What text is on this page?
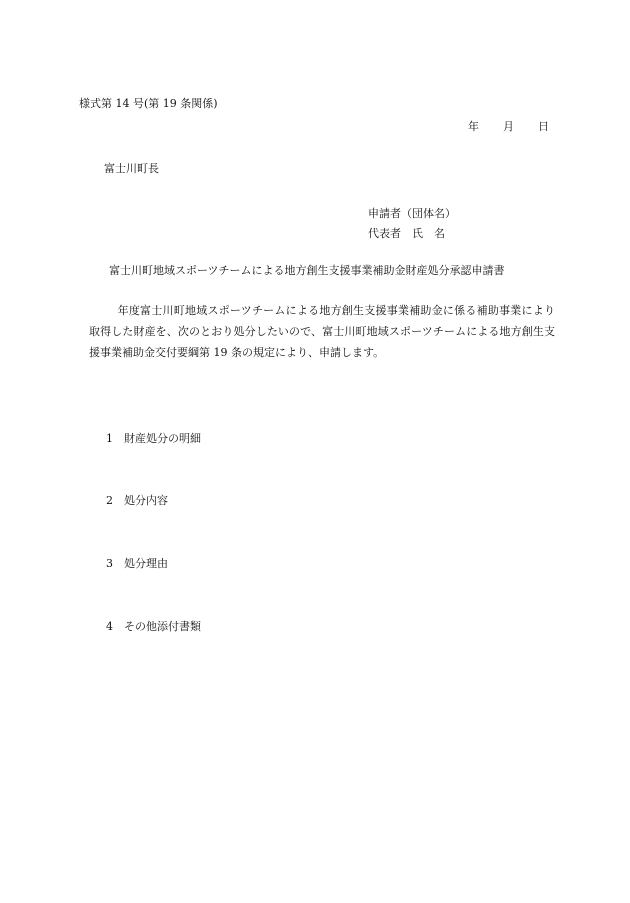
様式第 14 号(第 19 条関係)
年 月 日
富士川町長
申請者（団体名）
代表者　氏　名
富士川町地域スポーツチームによる地方創生支援事業補助金財産処分承認申請書
年度富士川町地域スポーツチームによる地方創生支援事業補助金に係る補助事業により取得した財産を、次のとおり処分したいので、富士川町地域スポーツチームによる地方創生支援事業補助金交付要綱第 19 条の規定により、申請します。
1 財産処分の明細
2 処分内容
3 処分理由
4 その他添付書類
